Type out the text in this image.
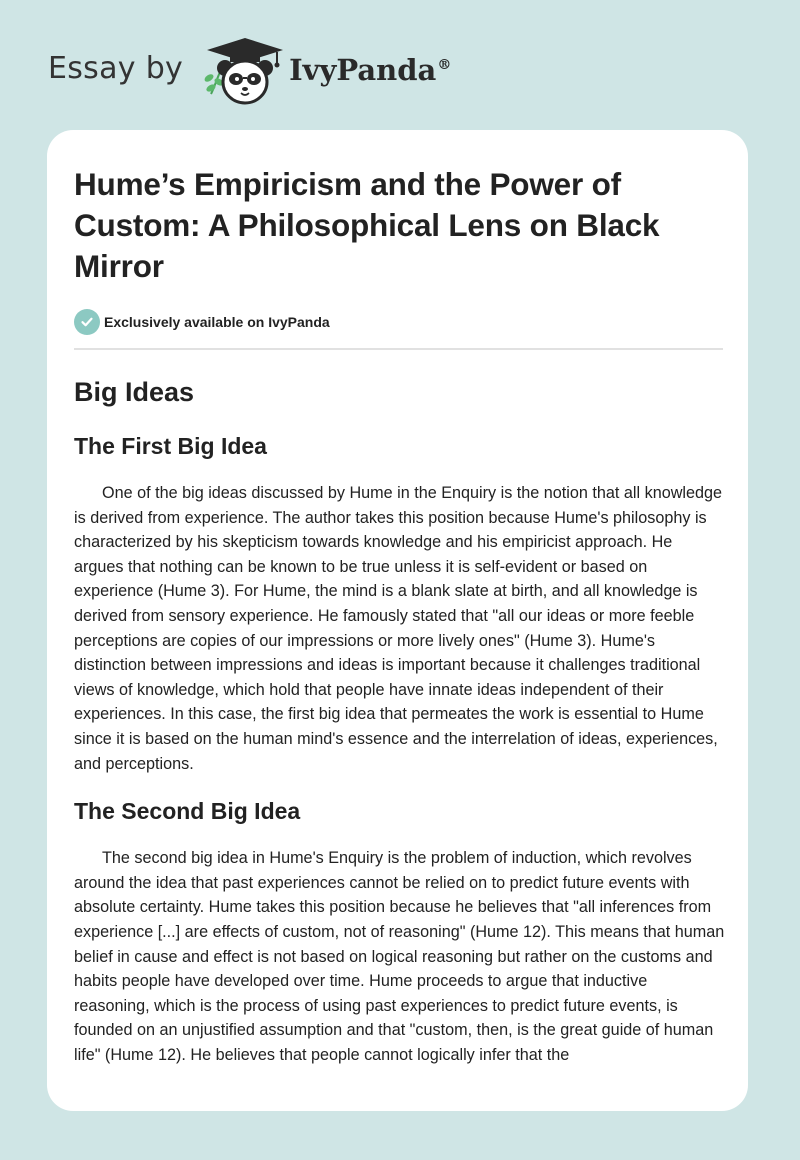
Essay by	IvyPanda®
Hume’s Empiricism and the Power of Custom: A Philosophical Lens on Black Mirror
Exclusively available on IvyPanda
Big Ideas
The First Big Idea

One of the big ideas discussed by Hume in the Enquiry is the notion that all knowledge is derived from experience. The author takes this position because Hume's philosophy is characterized by his skepticism towards knowledge and his empiricist approach. He argues that nothing can be known to be true unless it is self-evident or based on experience (Hume 3). For Hume, the mind is a blank slate at birth, and all knowledge is derived from sensory experience. He famously stated that "all our ideas or more feeble perceptions are copies of our impressions or more lively ones" (Hume 3). Hume's distinction between impressions and ideas is important because it challenges traditional views of knowledge, which hold that people have innate ideas independent of their experiences. In this case, the first big idea that permeates the work is essential to Hume since it is based on the human mind's essence and the interrelation of ideas, experiences, and perceptions.

The Second Big Idea

The second big idea in Hume's Enquiry is the problem of induction, which revolves around the idea that past experiences cannot be relied on to predict future events with absolute certainty. Hume takes this position because he believes that "all inferences from experience [...] are effects of custom, not of reasoning" (Hume 12). This means that human belief in cause and effect is not based on logical reasoning but rather on the customs and habits people have developed over time. Hume proceeds to argue that inductive reasoning, which is the process of using past experiences to predict future events, is founded on an unjustified assumption and that "custom, then, is the great guide of human life" (Hume 12). He believes that people cannot logically infer that the
